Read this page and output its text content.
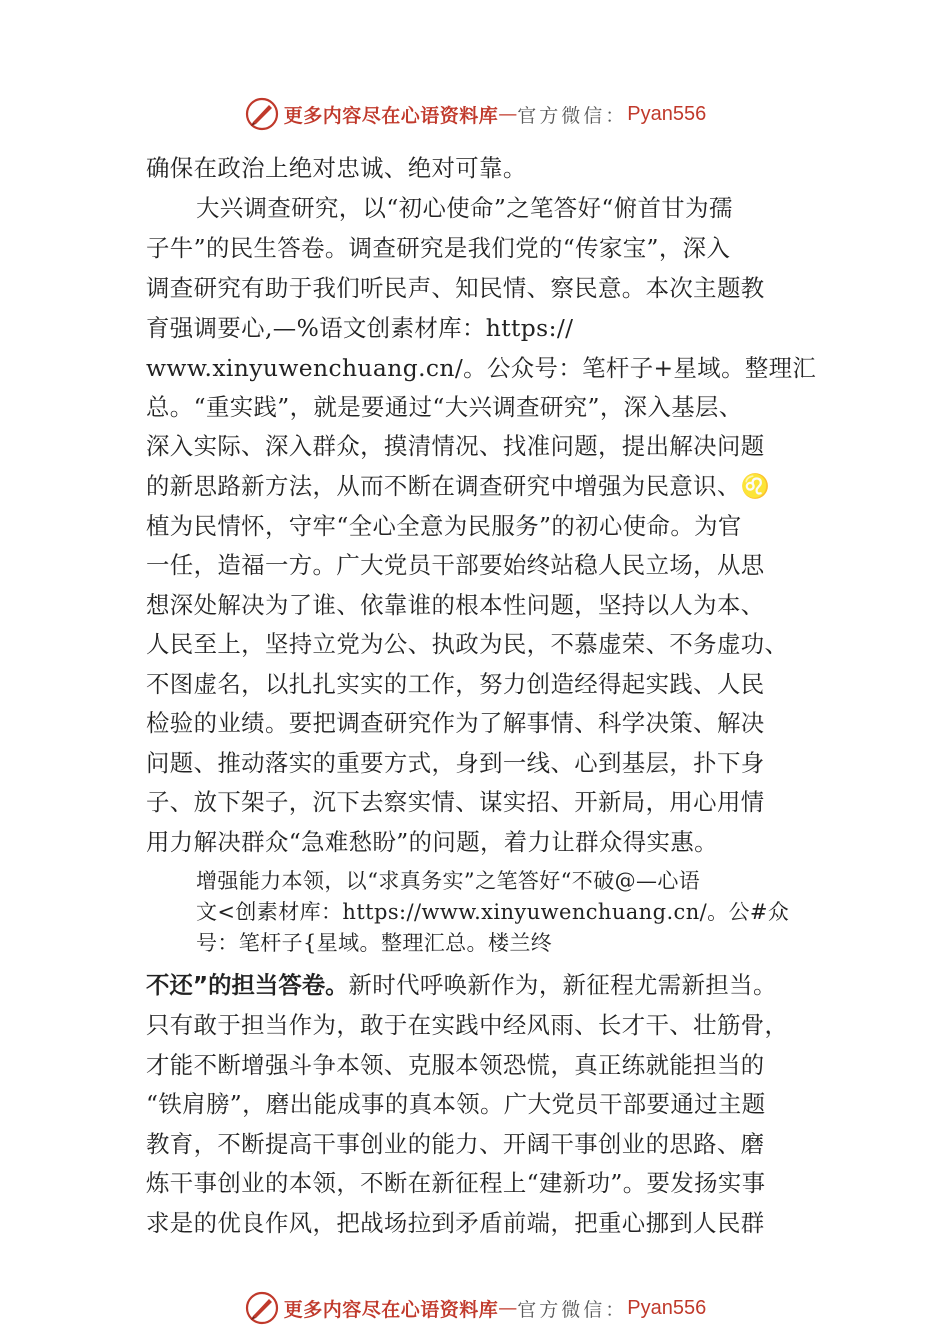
更多内容尽在心语资料库 — 官方微信： Pyan556
确保在政治上绝对忠诚、绝对可靠。
大兴调查研究，以“初心使命”之笔答好“俯首甘为孺
子牛”的民生答卷。调查研究是我们党的“传家宝”，深入
调查研究有助于我们听民声、知民情、察民意。本次主题教
育强调要心,—%语文创素材库：https://
www.xinyuwenchuang.cn/。公众号：笔杆子+星域。整理汇
总。“重实践”，就是要通过“大兴调查研究”，深入基层、
深入实际、深入群众，摸清情况、找准问题，提出解决问题
的新思路新方法，从而不断在调查研究中增强为民意识、♌
植为民情怀，守牢“全心全意为民服务”的初心使命。为官
一任，造福一方。广大党员干部要始终站稳人民立场，从思
想深处解决为了谁、依靠谁的根本性问题，坚持以人为本、
人民至上，坚持立党为公、执政为民，不慕虚荣、不务虚功、
不图虚名，以扎扎实实的工作，努力创造经得起实践、人民
检验的业绩。要把调查研究作为了解事情、科学决策、解决
问题、推动落实的重要方式，身到一线、心到基层，扑下身
子、放下架子，沉下去察实情、谋实招、开新局，用心用情
用力解决群众“急难愁盼”的问题，着力让群众得实惠。
增强能力本领，以“求真务实”之笔答好“不破@—心语
文<创素材库：https://www.xinyuwenchuang.cn/。公#众
号：笔杆子{星域。整理汇总。楼兰终
不还”的担当答卷。新时代呼唤新作为，新征程尤需新担当。
只有敢于担当作为，敢于在实践中经风雨、长才干、壮筋骨，
才能不断增强斗争本领、克服本领恐慌，真正练就能担当的
“铁肩膀”，磨出能成事的真本领。广大党员干部要通过主题
教育，不断提高干事创业的能力、开阔干事创业的思路、磨
炼干事创业的本领，不断在新征程上“建新功”。要发扬实事
求是的优良作风，把战场拉到矛盾前端，把重心挪到人民群
更多内容尽在心语资料库 — 官方微信： Pyan556
